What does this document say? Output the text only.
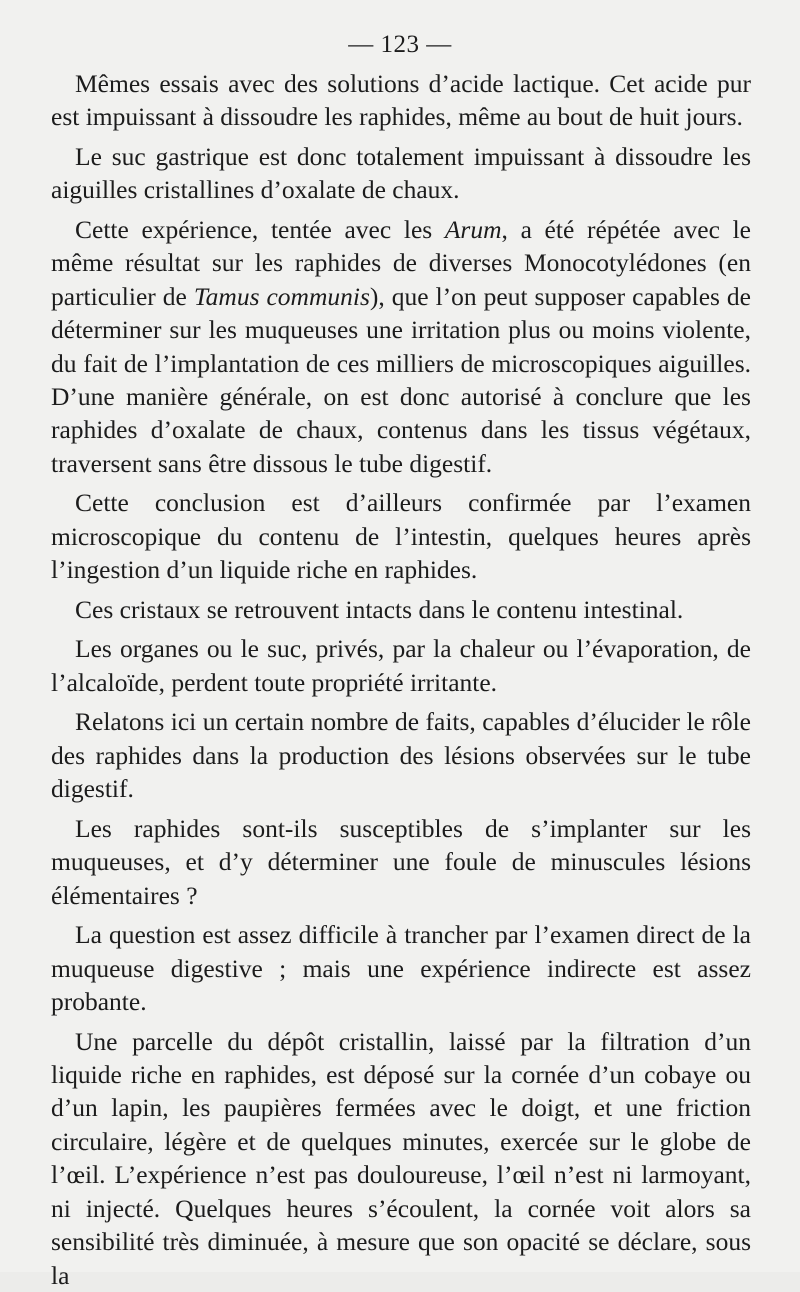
— 123 —

Mêmes essais avec des solutions d’acide lactique. Cet acide pur est impuissant à dissoudre les raphides, même au bout de huit jours.

Le suc gastrique est donc totalement impuissant à dissoudre les aiguilles cristallines d’oxalate de chaux.

Cette expérience, tentée avec les Arum, a été répétée avec le même résultat sur les raphides de diverses Monocotylédones (en particulier de Tamus communis), que l’on peut supposer capables de déterminer sur les muqueuses une irritation plus ou moins violente, du fait de l’implantation de ces milliers de microscopiques aiguilles. D’une manière générale, on est donc autorisé à conclure que les raphides d’oxalate de chaux, contenus dans les tissus végétaux, traversent sans être dissous le tube digestif.

Cette conclusion est d’ailleurs confirmée par l’examen microscopique du contenu de l’intestin, quelques heures après l’ingestion d’un liquide riche en raphides.

Ces cristaux se retrouvent intacts dans le contenu intestinal.

Les organes ou le suc, privés, par la chaleur ou l’évaporation, de l’alcaloïde, perdent toute propriété irritante.

Relatons ici un certain nombre de faits, capables d’élucider le rôle des raphides dans la production des lésions observées sur le tube digestif.

Les raphides sont-ils susceptibles de s’implanter sur les muqueuses, et d’y déterminer une foule de minuscules lésions élémentaires ?

La question est assez difficile à trancher par l’examen direct de la muqueuse digestive ; mais une expérience indirecte est assez probante.

Une parcelle du dépôt cristallin, laissé par la filtration d’un liquide riche en raphides, est déposé sur la cornée d’un cobaye ou d’un lapin, les paupières fermées avec le doigt, et une friction circulaire, légère et de quelques minutes, exercée sur le globe de l’œil. L’expérience n’est pas douloureuse, l’œil n’est ni larmoyant, ni injecté. Quelques heures s’écoulent, la cornée voit alors sa sensibilité très diminuée, à mesure que son opacité se déclare, sous la
